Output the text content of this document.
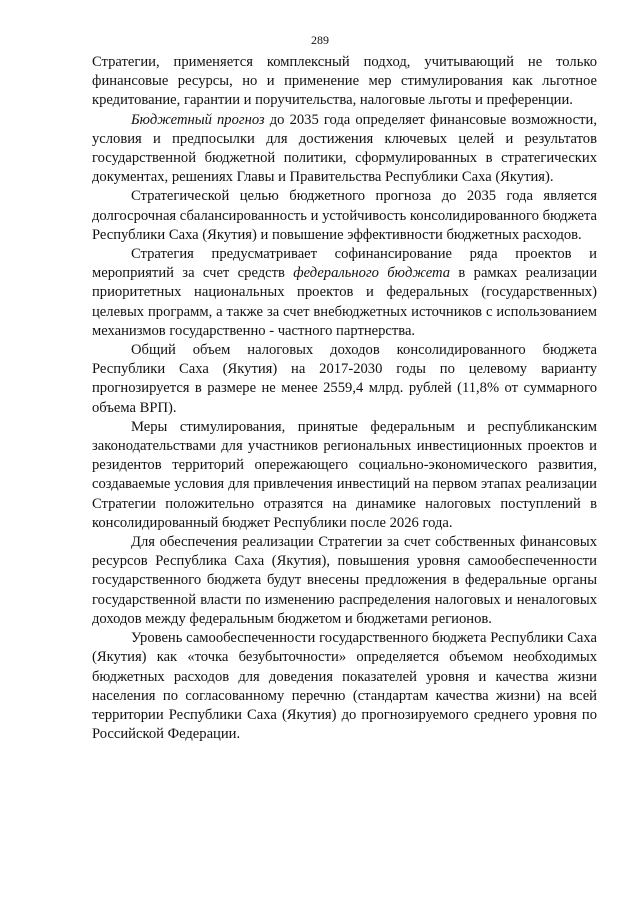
289

Стратегии, применяется комплексный подход, учитывающий не только финансовые ресурсы, но и применение мер стимулирования как льготное кредитование, гарантии и поручительства, налоговые льготы и преференции.

Бюджетный прогноз до 2035 года определяет финансовые возможности, условия и предпосылки для достижения ключевых целей и результатов государственной бюджетной политики, сформулированных в стратегических документах, решениях Главы и Правительства Республики Саха (Якутия).

Стратегической целью бюджетного прогноза до 2035 года является долгосрочная сбалансированность и устойчивость консолидированного бюджета Республики Саха (Якутия) и повышение эффективности бюджетных расходов.

Стратегия предусматривает софинансирование ряда проектов и мероприятий за счет средств федерального бюджета в рамках реализации приоритетных национальных проектов и федеральных (государственных) целевых программ, а также за счет внебюджетных источников с использованием механизмов государственно - частного партнерства.

Общий объем налоговых доходов консолидированного бюджета Республики Саха (Якутия) на 2017-2030 годы по целевому варианту прогнозируется в размере не менее 2559,4 млрд. рублей (11,8% от суммарного объема ВРП).

Меры стимулирования, принятые федеральным и республиканским законодательствами для участников региональных инвестиционных проектов и резидентов территорий опережающего социально-экономического развития, создаваемые условия для привлечения инвестиций на первом этапах реализации Стратегии положительно отразятся на динамике налоговых поступлений в консолидированный бюджет Республики после 2026 года.

Для обеспечения реализации Стратегии за счет собственных финансовых ресурсов Республика Саха (Якутия), повышения уровня самообеспеченности государственного бюджета будут внесены предложения в федеральные органы государственной власти по изменению распределения налоговых и неналоговых доходов между федеральным бюджетом и бюджетами регионов.

Уровень самообеспеченности государственного бюджета Республики Саха (Якутия) как «точка безубыточности» определяется объемом необходимых бюджетных расходов для доведения показателей уровня и качества жизни населения по согласованному перечню (стандартам качества жизни) на всей территории Республики Саха (Якутия) до прогнозируемого среднего уровня по Российской Федерации.
